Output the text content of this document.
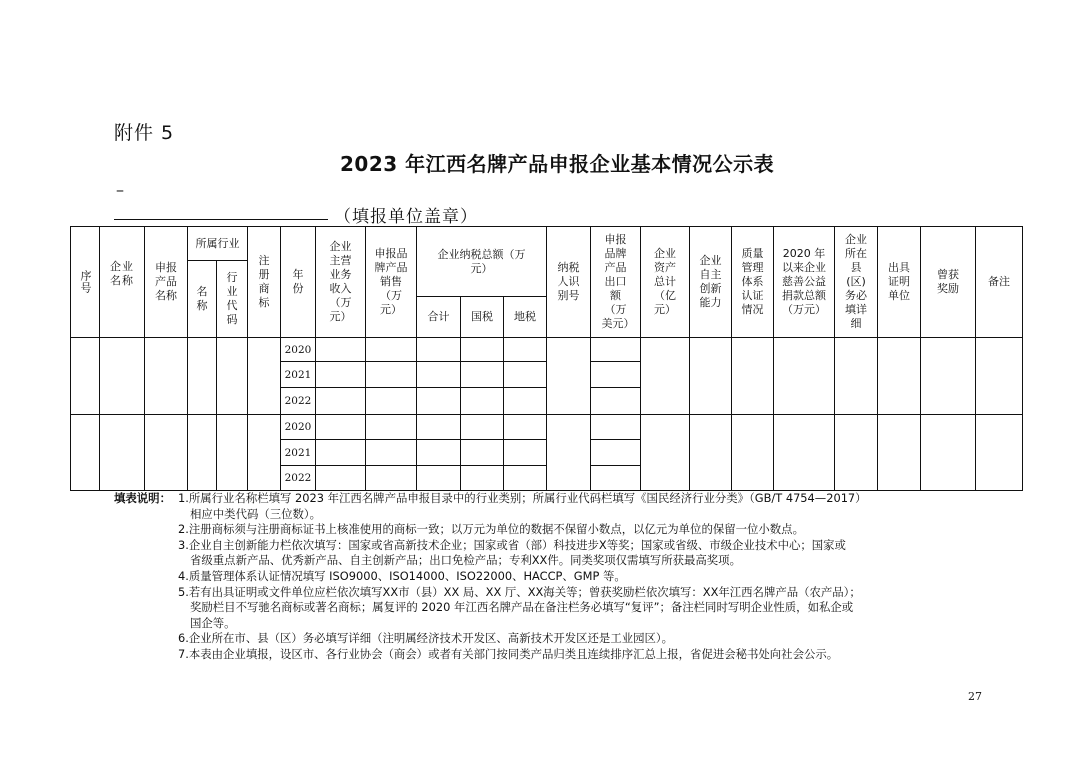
附件 5
2023 年江西名牌产品申报企业基本情况公示表
–
（填报单位盖章）
序号
企业名称
申报产品名称
所属行业
名称
行业代码
注册商标
年份
企业主营业务收入（万元）
申报品牌产品销售（万元）
企业纳税总额（万元）
合计 国税 地税
纳税人识别号
申报品牌产品出口额（万美元）
企业资产总计（亿元）
企业自主创新能力
质量管理体系认证情况
2020 年以来企业慈善公益捐款总额（万元）
企业所在县(区)务必填详细
出具证明单位
曾获奖励
备注
2020
2021
2022
2020
2021
2022
填表说明： 1.所属行业名称栏填写 2023 年江西名牌产品申报目录中的行业类别；所属行业代码栏填写《国民经济行业分类》（GB/T 4754—2017）
相应中类代码（三位数）。
2.注册商标须与注册商标证书上核准使用的商标一致；以万元为单位的数据不保留小数点，以亿元为单位的保留一位小数点。
3.企业自主创新能力栏依次填写：国家或省高新技术企业；国家或省（部）科技进步Ⅹ等奖；国家或省级、市级企业技术中心；国家或
省级重点新产品、优秀新产品、自主创新产品；出口免检产品；专利ⅩⅩ件。同类奖项仅需填写所获最高奖项。
4.质量管理体系认证情况填写 ISO9000、ISO14000、ISO22000、HACCP、GMP 等。
5.若有出具证明或文件单位应栏依次填写ⅩⅩ市（县）XX 局、XX 厅、ⅩⅩ海关等；曾获奖励栏依次填写：ⅩⅩ年江西名牌产品（农产品）；
奖励栏目不写驰名商标或著名商标；属复评的 2020 年江西名牌产品在备注栏务必填写“复评”；备注栏同时写明企业性质，如私企或
国企等。
6.企业所在市、县（区）务必填写详细（注明属经济技术开发区、高新技术开发区还是工业园区）。
7.本表由企业填报，设区市、各行业协会（商会）或者有关部门按同类产品归类且连续排序汇总上报，省促进会秘书处向社会公示。
27
